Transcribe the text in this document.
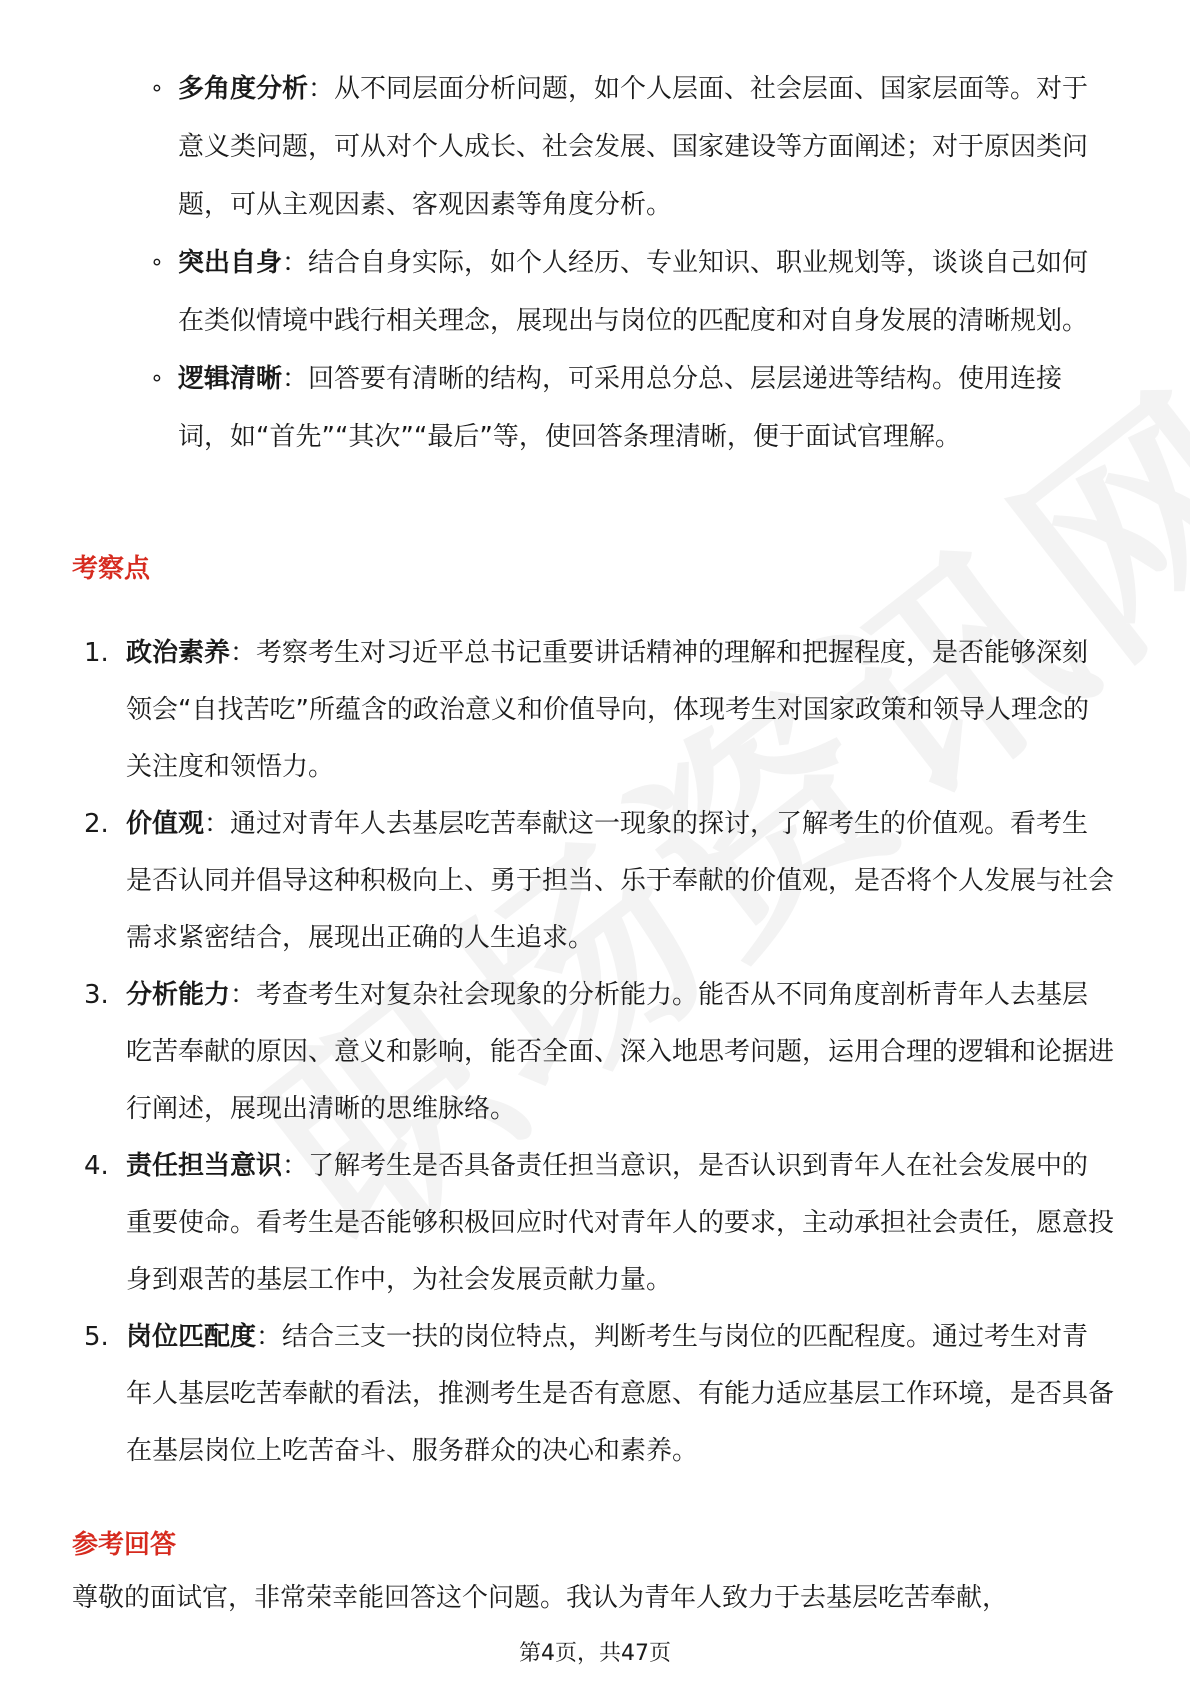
∘ 多角度分析：从不同层面分析问题，如个人层面、社会层面、国家层面等。对于意义类问题，可从对个人成长、社会发展、国家建设等方面阐述；对于原因类问题，可从主观因素、客观因素等角度分析。
∘ 突出自身：结合自身实际，如个人经历、专业知识、职业规划等，谈谈自己如何在类似情境中践行相关理念，展现出与岗位的匹配度和对自身发展的清晰规划。
∘ 逻辑清晰：回答要有清晰的结构，可采用总分总、层层递进等结构。使用连接词，如“首先”“其次”“最后”等，使回答条理清晰，便于面试官理解。
考察点
1. 政治素养：考察考生对习近平总书记重要讲话精神的理解和把握程度，是否能够深刻领会“自找苦吃”所蕴含的政治意义和价值导向，体现考生对国家政策和领导人理念的关注度和领悟力。
2. 价值观：通过对青年人去基层吃苦奉献这一现象的探讨，了解考生的价值观。看考生是否认同并倡导这种积极向上、勇于担当、乐于奉献的价值观，是否将个人发展与社会需求紧密结合，展现出正确的人生追求。
3. 分析能力：考查考生对复杂社会现象的分析能力。能否从不同角度剖析青年人去基层吃苦奉献的原因、意义和影响，能否全面、深入地思考问题，运用合理的逻辑和论据进行阐述，展现出清晰的思维脉络。
4. 责任担当意识：了解考生是否具备责任担当意识，是否认识到青年人在社会发展中的重要使命。看考生是否能够积极回应时代对青年人的要求，主动承担社会责任，愿意投身到艰苦的基层工作中，为社会发展贡献力量。
5. 岗位匹配度：结合三支一扶的岗位特点，判断考生与岗位的匹配程度。通过考生对青年人基层吃苦奉献的看法，推测考生是否有意愿、有能力适应基层工作环境，是否具备在基层岗位上吃苦奋斗、服务群众的决心和素养。
参考回答

尊敬的面试官，非常荣幸能回答这个问题。我认为青年人致力于去基层吃苦奉献，

第4页，共47页
